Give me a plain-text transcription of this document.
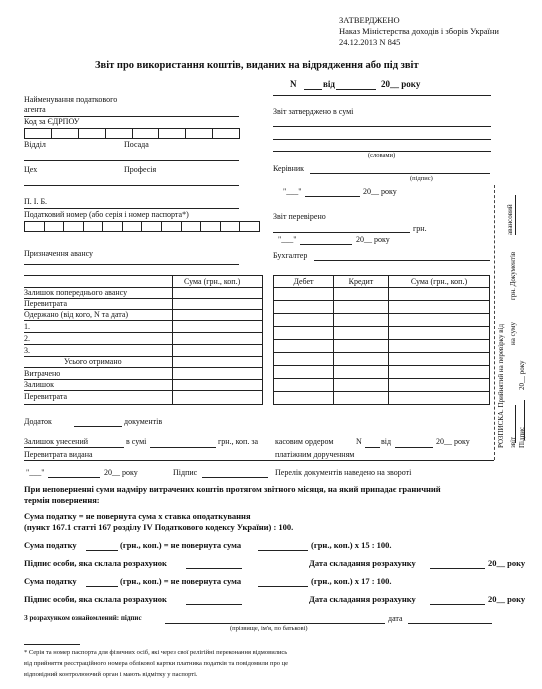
ЗАТВЕРДЖЕНО
Наказ Міністерства доходів і зборів України
24.12.2013 N 845
Звіт про використання коштів, виданих на відрядження або під звіт
N	від	20__ року
Найменування податкового
агента
Код за ЄДРПОУ

Відділ	Посада
Цех	Професія
П. І. Б.
Податковий номер (або серія і номер паспорта*)

Призначення авансу
Звіт затверджено в сумі
(словами)
Керівник
(підпис)
"___"	20__ року
Звіт перевірено
грн.
"___"	20__ року
Бухгалтер
Сума (грн., коп.)
Залишок попереднього авансу
Перевитрата
Одержано (від кого, N та дата)
1.
2.
3.
Усього отримано
Витрачено
Залишок
Перевитрата
Дебет	Кредит	Сума (грн., коп.)

Додаток	документів
Залишок унесений	в сумі	грн., коп. за касовим ордером	N від	20__ року
Перевитрата видана	платіжним дорученням
"___"	20__ року	Підпис	Перелік документів наведено на звороті
При неповерненні суми надміру витрачених коштів протягом звітного місяця, на який припадає граничний
термін повернення:
Сума податку = не повернута сума х ставка оподаткування
(пункт 167.1 статті 167 розділу IV Податкового кодексу України) : 100.
Сума податку	(грн., коп.) = не повернута сума	(грн., коп.) х 15 : 100.
Підпис особи, яка склала розрахунок	Дата складання розрахунку	20__ року
Сума податку	(грн., коп.) = не повернута сума	(грн., коп.) х 17 : 100.
Підпис особи, яка склала розрахунок	Дата складання розрахунку	20__ року
З розрахунком ознайомлений: підпис	дата
(прізвище, ім'я, по батькові)
* Серія та номер паспорта для фізичних осіб, які через свої релігійні переконання відмовились
від прийняття реєстраційного номера облікової картки платника податків та повідомили про це
відповідний контролюючий орган і мають відмітку у паспорті.
РОЗПИСКА. Прийнятий на перевірку від
авансовий
звіт
на суму
грн. Документів
20__ року
Підпис
